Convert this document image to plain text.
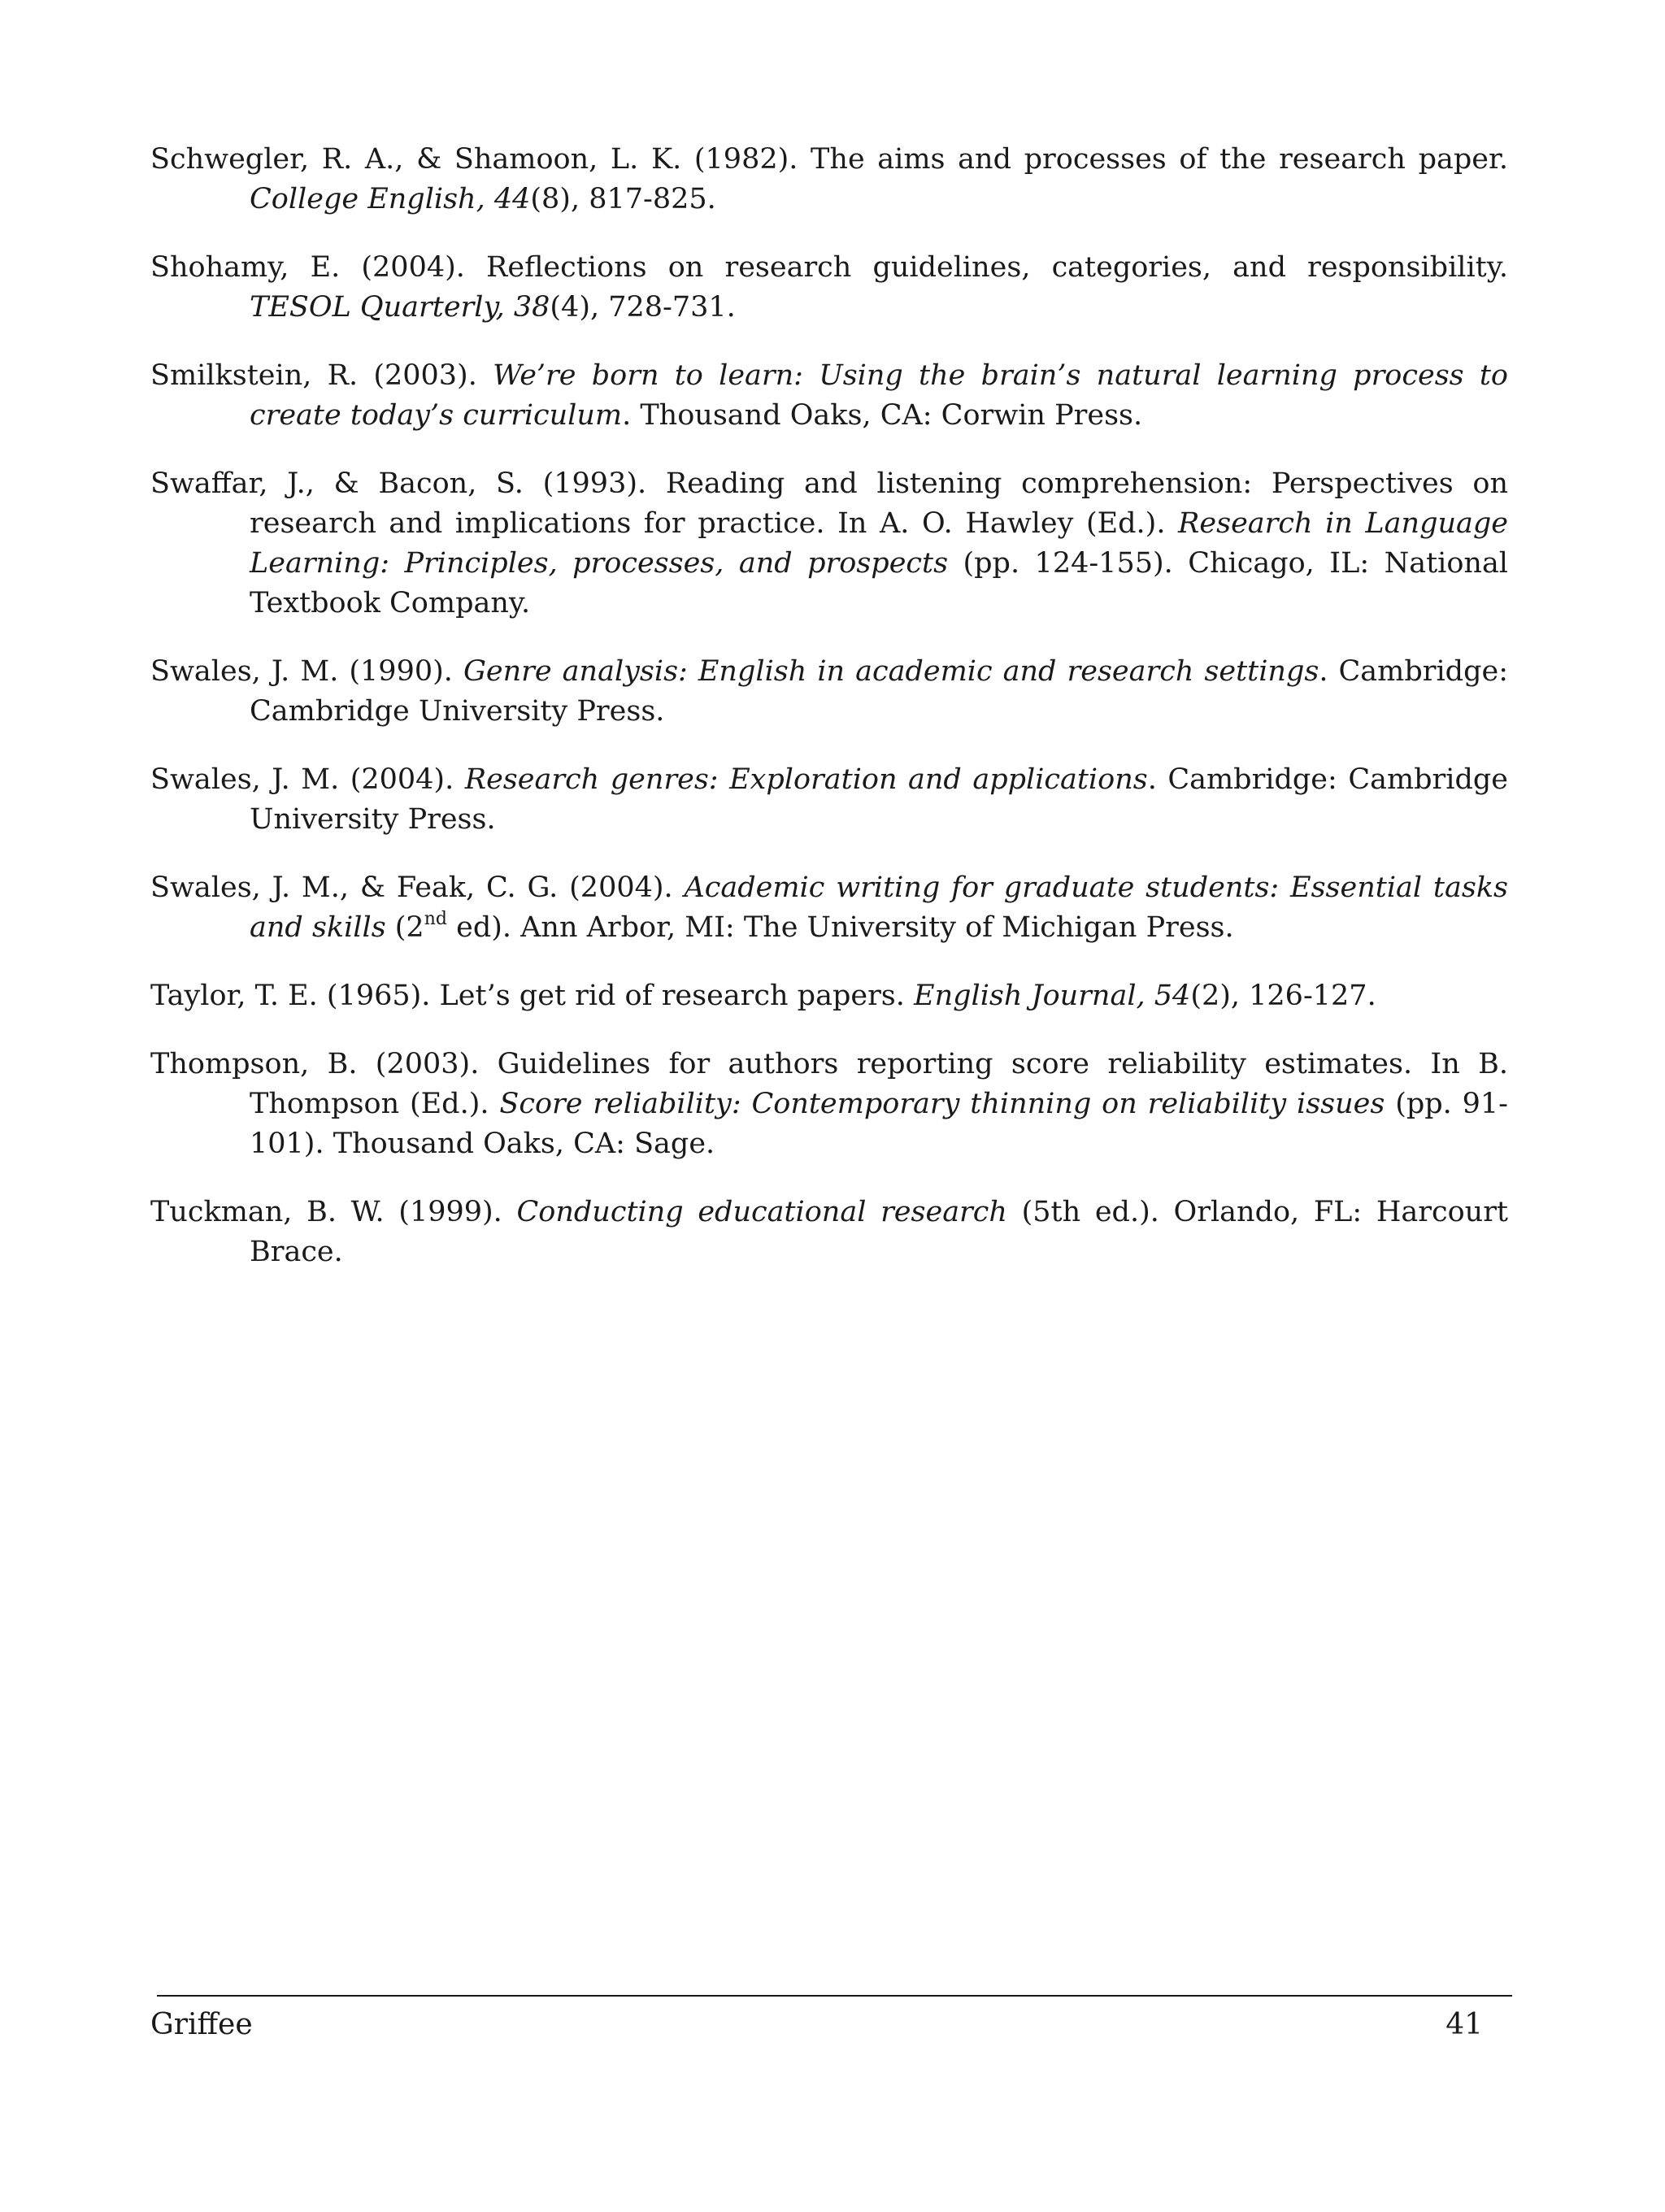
Schwegler, R. A., & Shamoon, L. K. (1982). The aims and processes of the research paper. College English, 44(8), 817-825.
Shohamy, E. (2004). Reflections on research guidelines, categories, and responsibility. TESOL Quarterly, 38(4), 728-731.
Smilkstein, R. (2003). We’re born to learn: Using the brain’s natural learning process to create today’s curriculum. Thousand Oaks, CA: Corwin Press.
Swaffar, J., & Bacon, S. (1993). Reading and listening comprehension: Perspectives on research and implications for practice. In A. O. Hawley (Ed.). Research in Language Learning: Principles, processes, and prospects (pp. 124-155). Chicago, IL: National Textbook Company.
Swales, J. M. (1990). Genre analysis: English in academic and research settings. Cambridge: Cambridge University Press.
Swales, J. M. (2004). Research genres: Exploration and applications. Cambridge: Cambridge University Press.
Swales, J. M., & Feak, C. G. (2004). Academic writing for graduate students: Essential tasks and skills (2nd ed). Ann Arbor, MI: The University of Michigan Press.
Taylor, T. E. (1965). Let’s get rid of research papers. English Journal, 54(2), 126-127.
Thompson, B. (2003). Guidelines for authors reporting score reliability estimates. In B. Thompson (Ed.). Score reliability: Contemporary thinning on reliability issues (pp. 91-101). Thousand Oaks, CA: Sage.
Tuckman, B. W. (1999). Conducting educational research (5th ed.). Orlando, FL: Harcourt Brace.
Griffee	41
